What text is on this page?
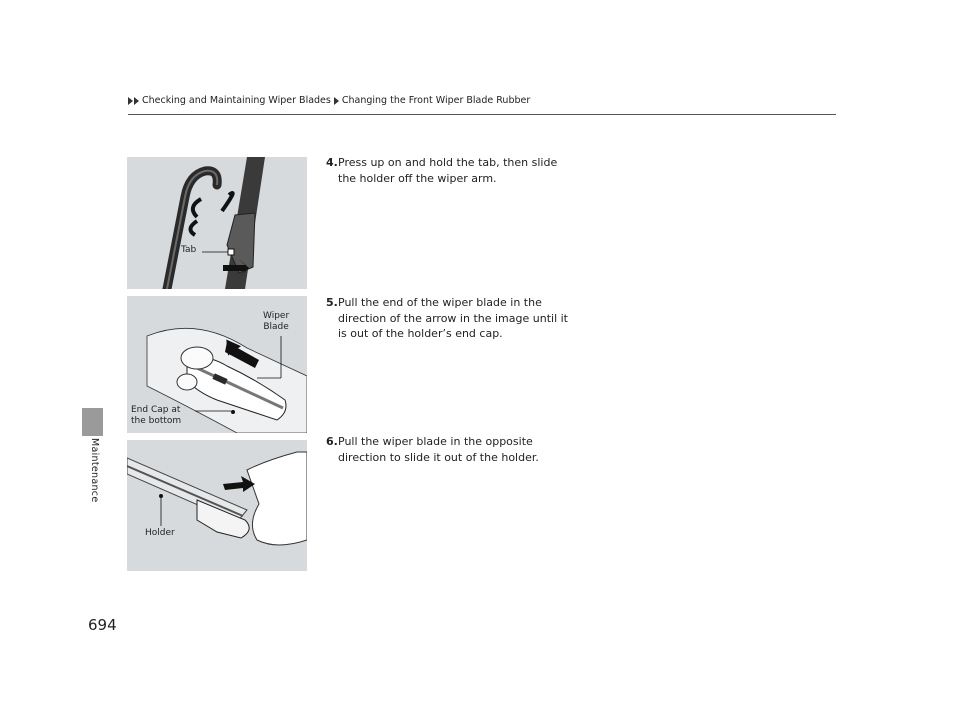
Checking and Maintaining Wiper Blades Changing the Front Wiper Blade Rubber
Maintenance
Tab
Wiper
Blade
End Cap at
the bottom
Holder
4. Press up on and hold the tab, then slide the holder off the wiper arm.
5. Pull the end of the wiper blade in the direction of the arrow in the image until it is out of the holder’s end cap.
6. Pull the wiper blade in the opposite direction to slide it out of the holder.
694
